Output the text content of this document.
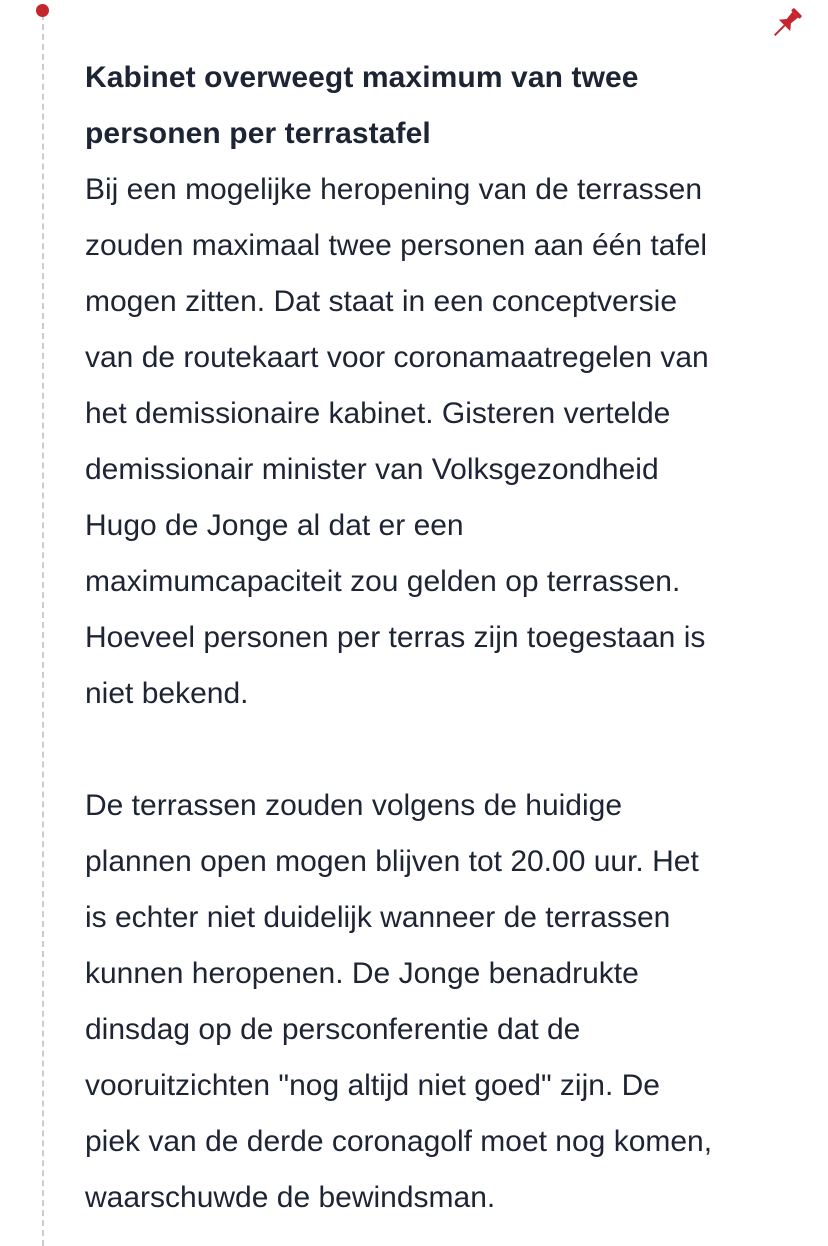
Kabinet overweegt maximum van twee
personen per terrastafel

Bij een mogelijke heropening van de terrassen
zouden maximaal twee personen aan één tafel
mogen zitten. Dat staat in een conceptversie
van de routekaart voor coronamaatregelen van
het demissionaire kabinet. Gisteren vertelde
demissionair minister van Volksgezondheid
Hugo de Jonge al dat er een
maximumcapaciteit zou gelden op terrassen.
Hoeveel personen per terras zijn toegestaan is
niet bekend.

De terrassen zouden volgens de huidige
plannen open mogen blijven tot 20.00 uur. Het
is echter niet duidelijk wanneer de terrassen
kunnen heropenen. De Jonge benadrukte
dinsdag op de persconferentie dat de
vooruitzichten "nog altijd niet goed" zijn. De
piek van de derde coronagolf moet nog komen,
waarschuwde de bewindsman.
